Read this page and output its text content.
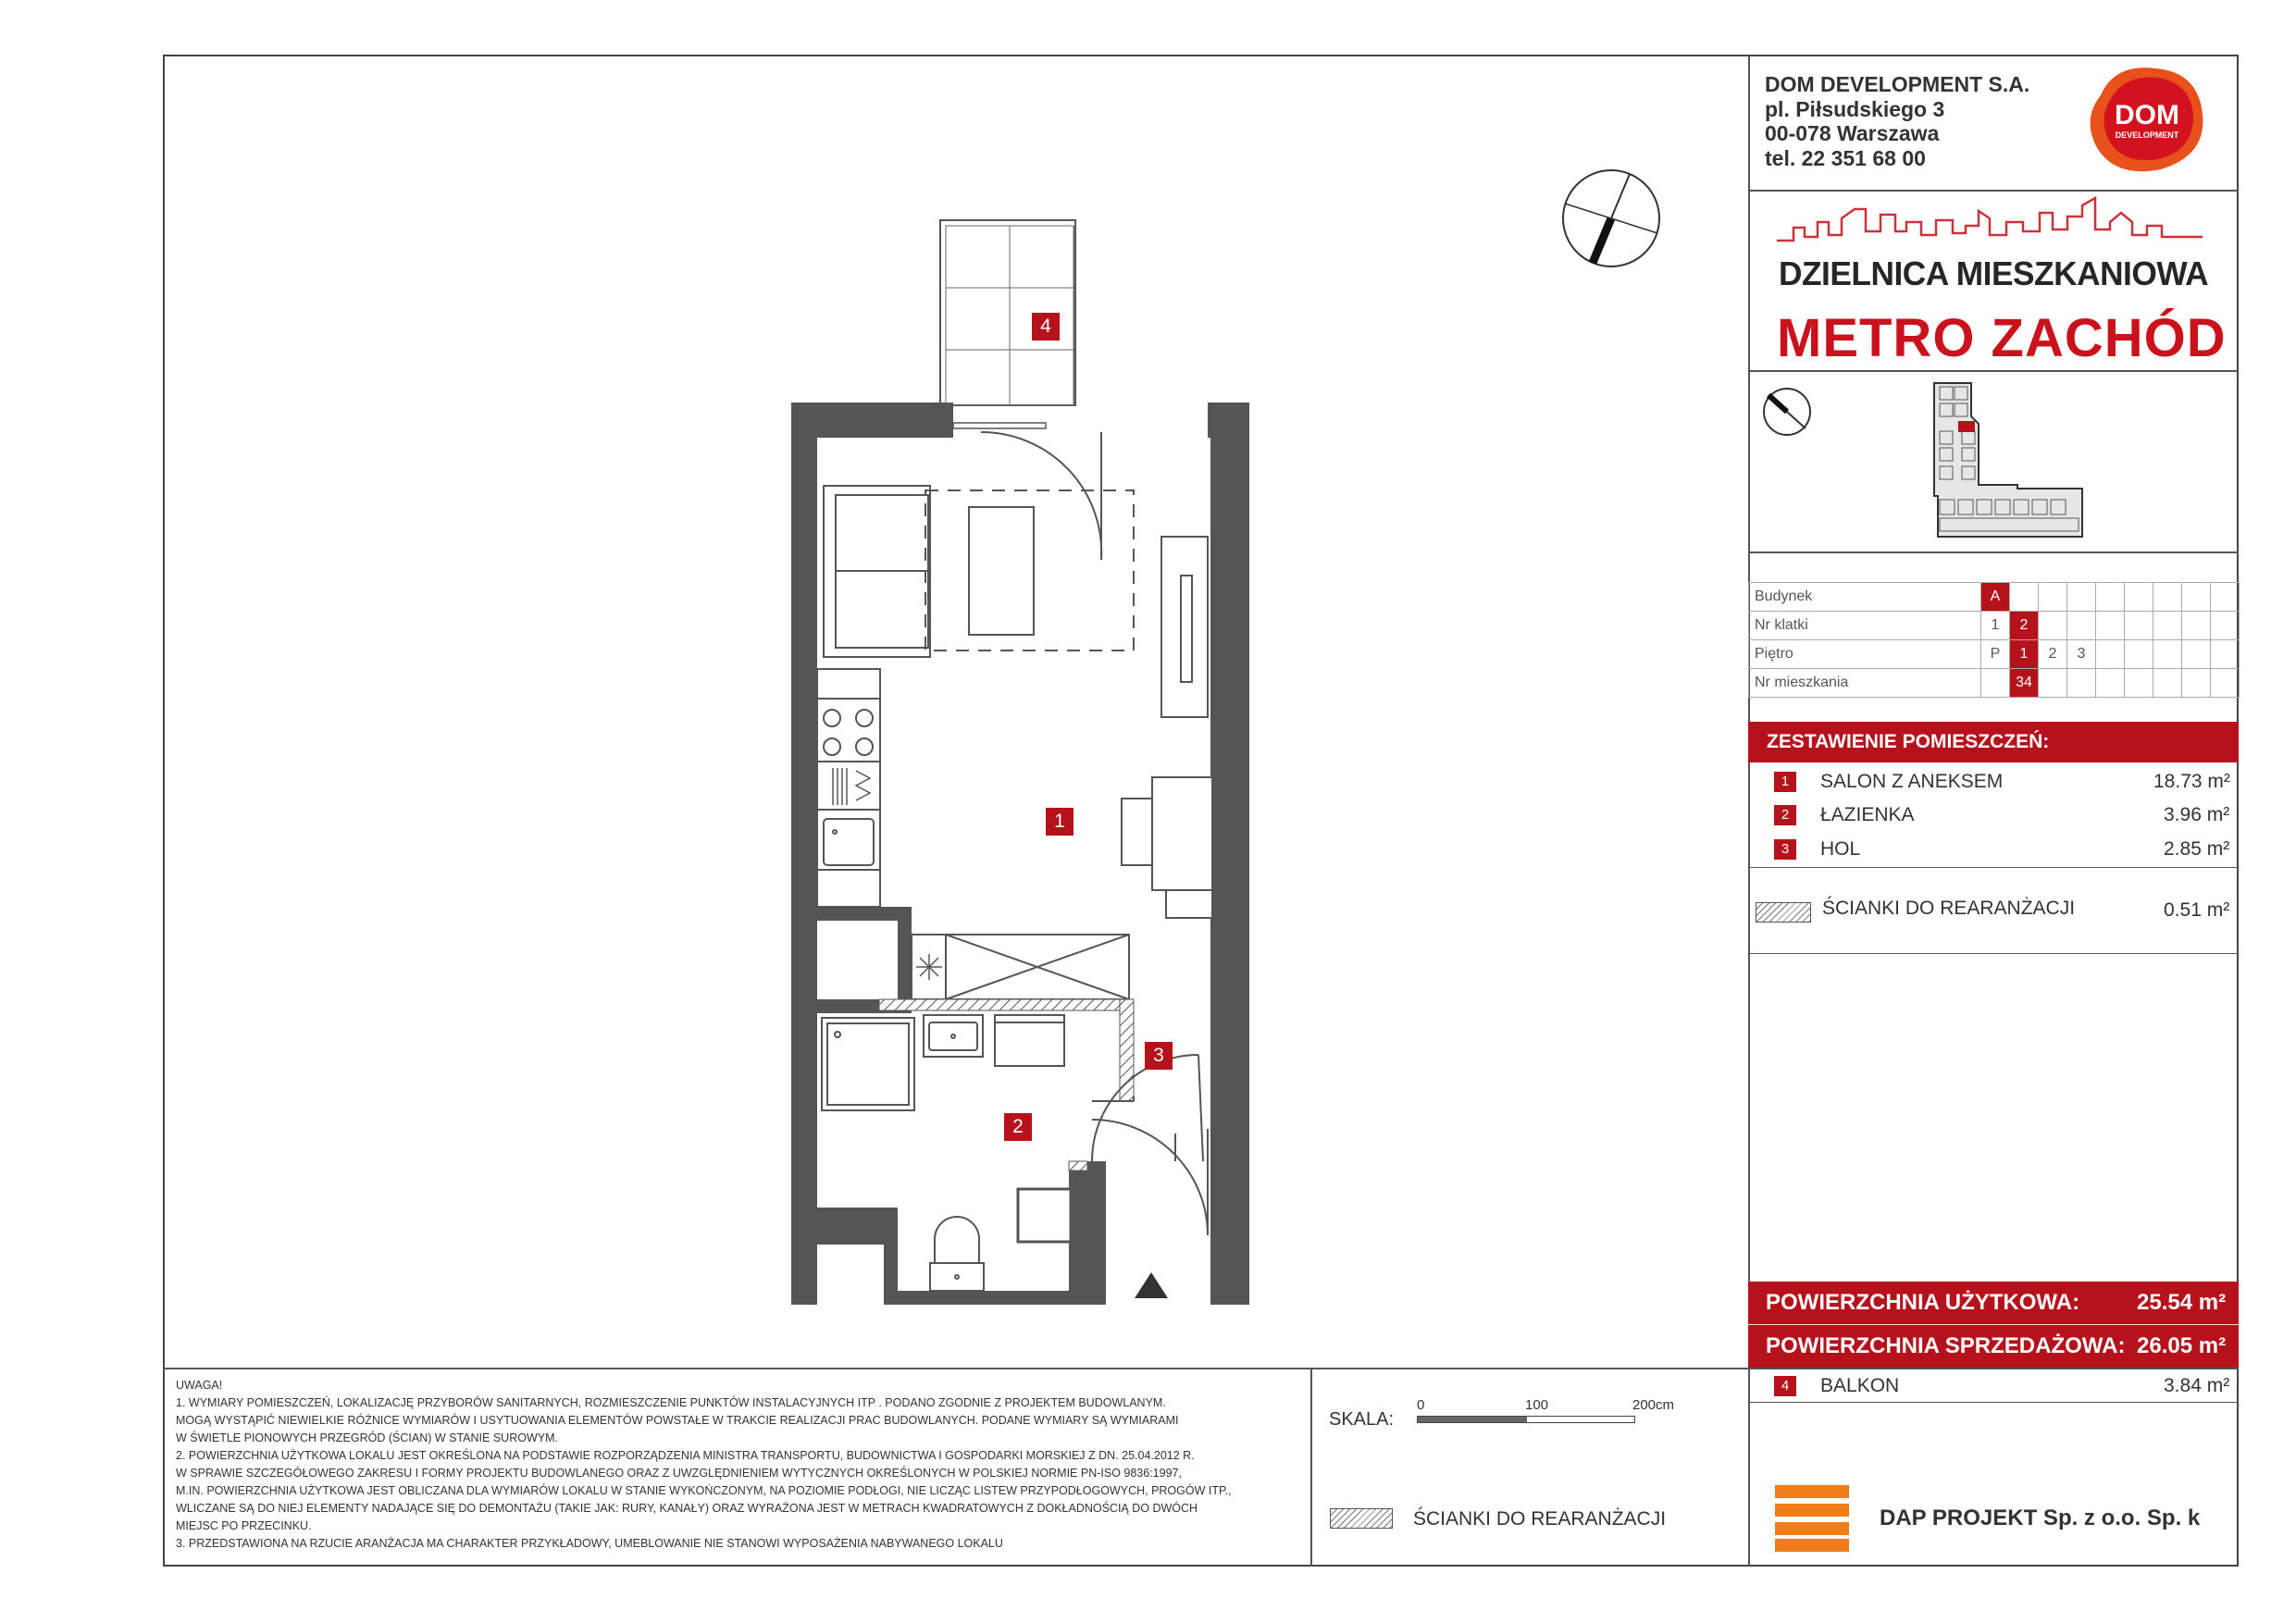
DOM DEVELOPMENT S.A.
pl. Piłsudskiego 3
00-078 Warszawa
tel. 22 351 68 00
DOM
DEVELOPMENT
DZIELNICA MIESZKANIOWA
METRO ZACHÓD
Budynek	A								
Nr klatki	1	2							
Piętro	P	1	2	3					
Nr mieszkania		34							
ZESTAWIENIE POMIESZCZEŃ:
1	SALON Z ANEKSEM	18.73 m²
2	ŁAZIENKA	3.96 m²
3	HOL	2.85 m²
ŚCIANKI DO REARANŻACJI	0.51 m²
POWIERZCHNIA UŻYTKOWA:	25.54 m²
POWIERZCHNIA SPRZEDAŻOWA: 26.05 m²
4	BALKON	3.84 m²
DAP PROJEKT Sp. z o.o. Sp. k
SKALA:
0	100	200cm
ŚCIANKI DO REARANŻACJI
UWAGA!
1. WYMIARY POMIESZCZEŃ, LOKALIZACJĘ PRZYBORÓW SANITARNYCH, ROZMIESZCZENIE PUNKTÓW INSTALACYJNYCH ITP . PODANO ZGODNIE Z PROJEKTEM BUDOWLANYM.
MOGĄ WYSTĄPIĆ NIEWIELKIE RÓŻNICE WYMIARÓW I USYTUOWANIA ELEMENTÓW POWSTAŁE W TRAKCIE REALIZACJI PRAC BUDOWLANYCH. PODANE WYMIARY SĄ WYMIARAMI
W ŚWIETLE PIONOWYCH PRZEGRÓD (ŚCIAN) W STANIE SUROWYM.
2. POWIERZCHNIA UŻYTKOWA LOKALU JEST OKREŚLONA NA PODSTAWIE ROZPORZĄDZENIA MINISTRA TRANSPORTU, BUDOWNICTWA I GOSPODARKI MORSKIEJ Z DN. 25.04.2012 R.
W SPRAWIE SZCZEGÓŁOWEGO ZAKRESU I FORMY PROJEKTU BUDOWLANEGO ORAZ Z UWZGLĘDNIENIEM WYTYCZNYCH OKREŚLONYCH W POLSKIEJ NORMIE PN-ISO 9836:1997,
M.IN. POWIERZCHNIA UŻYTKOWA JEST OBLICZANA DLA WYMIARÓW LOKALU W STANIE WYKOŃCZONYM, NA POZIOMIE PODŁOGI, NIE LICZĄC LISTEW PRZYPODŁOGOWYCH, PROGÓW ITP.,
WLICZANE SĄ DO NIEJ ELEMENTY NADAJĄCE SIĘ DO DEMONTAŻU (TAKIE JAK: RURY, KANAŁY) ORAZ WYRAŻONA JEST W METRACH KWADRATOWYCH Z DOKŁADNOŚCIĄ DO DWÓCH
MIEJSC PO PRZECINKU.
3. PRZEDSTAWIONA NA RZUCIE ARANŻACJA MA CHARAKTER PRZYKŁADOWY, UMEBLOWANIE NIE STANOWI WYPOSAŻENIA NABYWANEGO LOKALU
1
2
3
4
